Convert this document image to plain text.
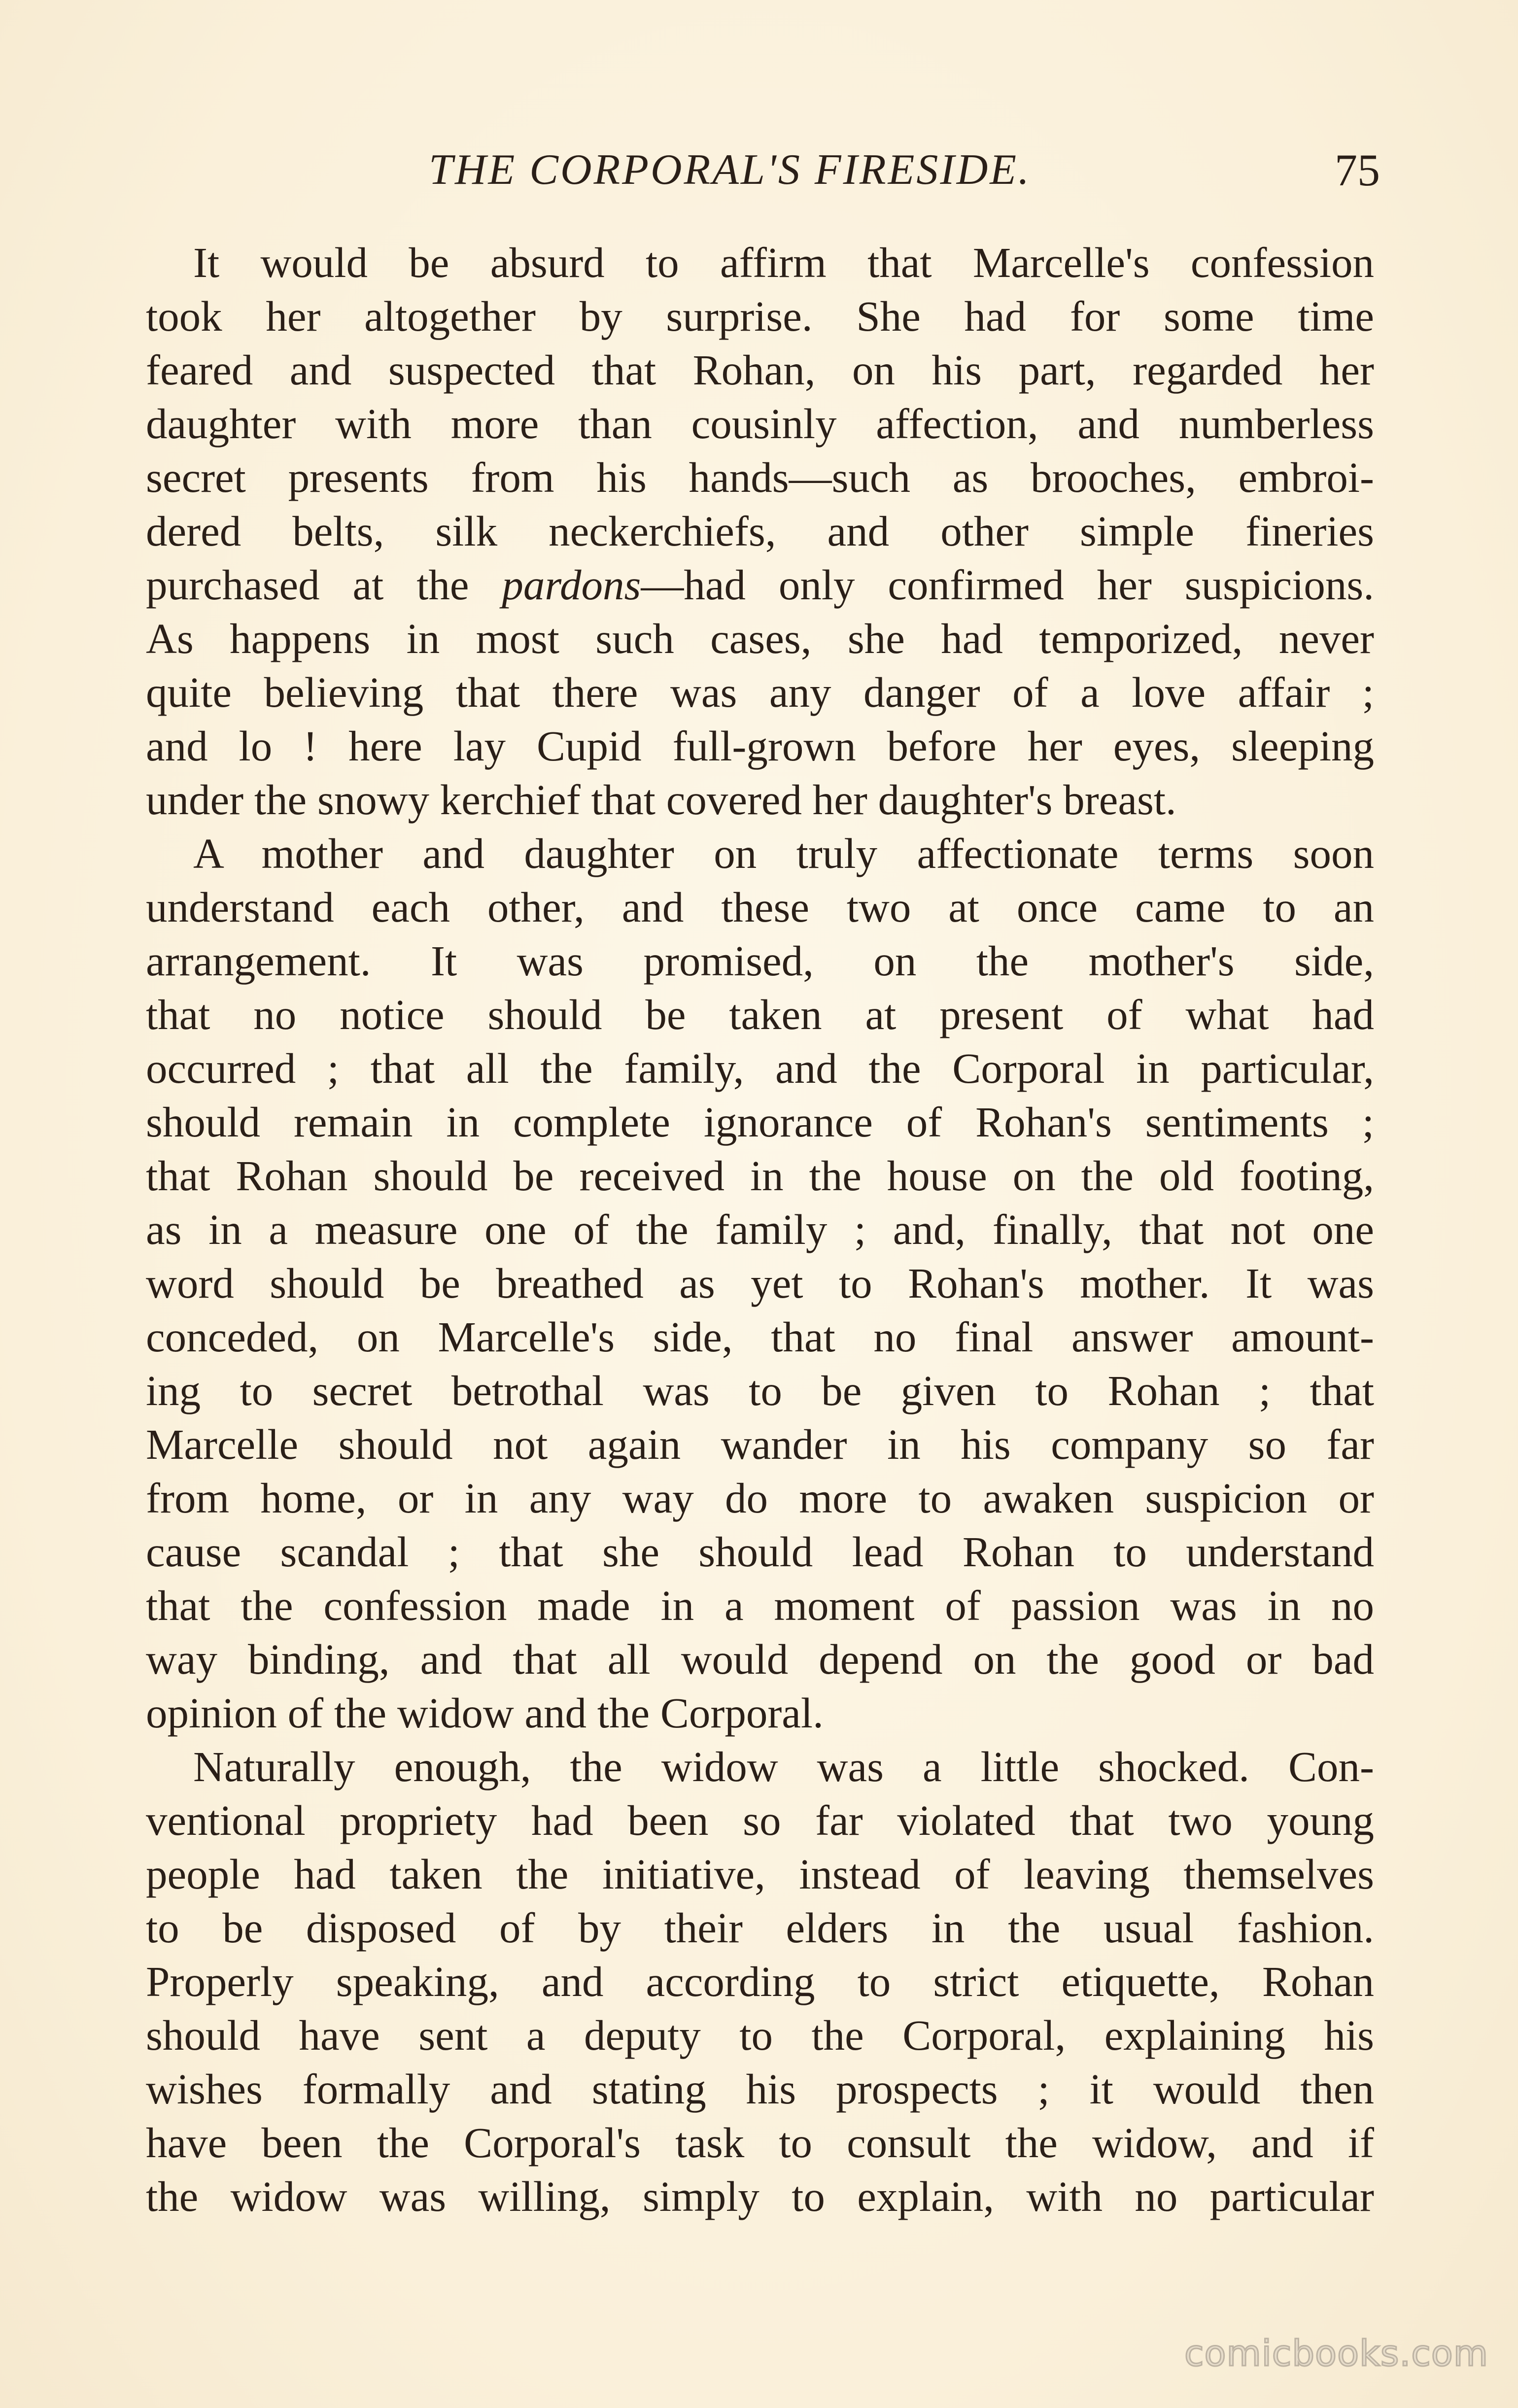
THE CORPORAL'S FIRESIDE.	75
It would be absurd to affirm that Marcelle's confession
took her altogether by surprise. She had for some time
feared and suspected that Rohan, on his part, regarded her
daughter with more than cousinly affection, and numberless
secret presents from his hands—such as brooches, embroi-
dered belts, silk neckerchiefs, and other simple fineries
purchased at the pardons—had only confirmed her suspicions.
As happens in most such cases, she had temporized, never
quite believing that there was any danger of a love affair ;
and lo ! here lay Cupid full-grown before her eyes, sleeping
under the snowy kerchief that covered her daughter's breast.
A mother and daughter on truly affectionate terms soon
understand each other, and these two at once came to an
arrangement. It was promised, on the mother's side,
that no notice should be taken at present of what had
occurred ; that all the family, and the Corporal in particular,
should remain in complete ignorance of Rohan's sentiments ;
that Rohan should be received in the house on the old footing,
as in a measure one of the family ; and, finally, that not one
word should be breathed as yet to Rohan's mother. It was
conceded, on Marcelle's side, that no final answer amount-
ing to secret betrothal was to be given to Rohan ; that
Marcelle should not again wander in his company so far
from home, or in any way do more to awaken suspicion or
cause scandal ; that she should lead Rohan to understand
that the confession made in a moment of passion was in no
way binding, and that all would depend on the good or bad
opinion of the widow and the Corporal.
Naturally enough, the widow was a little shocked. Con-
ventional propriety had been so far violated that two young
people had taken the initiative, instead of leaving themselves
to be disposed of by their elders in the usual fashion.
Properly speaking, and according to strict etiquette, Rohan
should have sent a deputy to the Corporal, explaining his
wishes formally and stating his prospects ; it would then
have been the Corporal's task to consult the widow, and if
the widow was willing, simply to explain, with no particular
comicbooks.com
